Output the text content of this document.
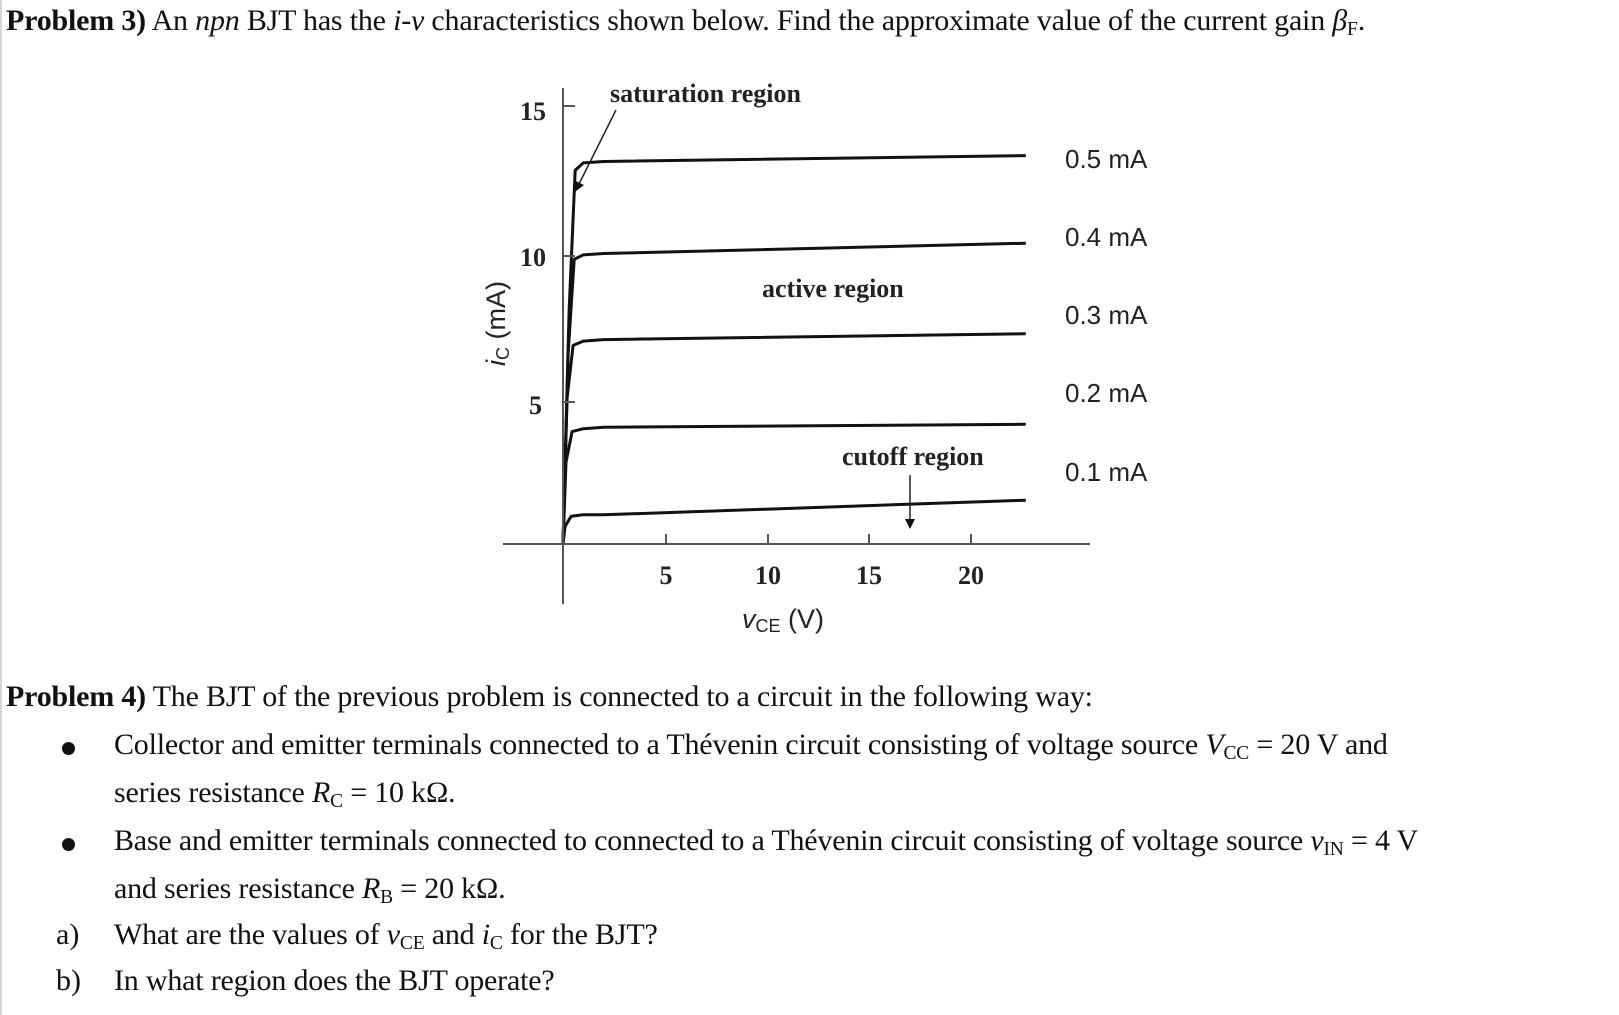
Problem 3) An npn BJT has the i-v characteristics shown below. Find the approximate value of the current gain $\beta_F$.
15
10
5
5	10	15	20
vCE (V)
iC (mA)
0.5 mA
0.4 mA
0.3 mA
0.2 mA
0.1 mA
saturation region
active region
cutoff region
Problem 4) The BJT of the previous problem is connected to a circuit in the following way:
Collector and emitter terminals connected to a Thévenin circuit consisting of voltage source $V_{CC} = 20$ V and
series resistance $R_C = 10$ kΩ.
Base and emitter terminals connected to connected to a Thévenin circuit consisting of voltage source $v_{IN} = 4$ V
and series resistance $R_B = 20$ kΩ.
a) What are the values of $v_{CE}$ and $i_C$ for the BJT?
b) In what region does the BJT operate?
